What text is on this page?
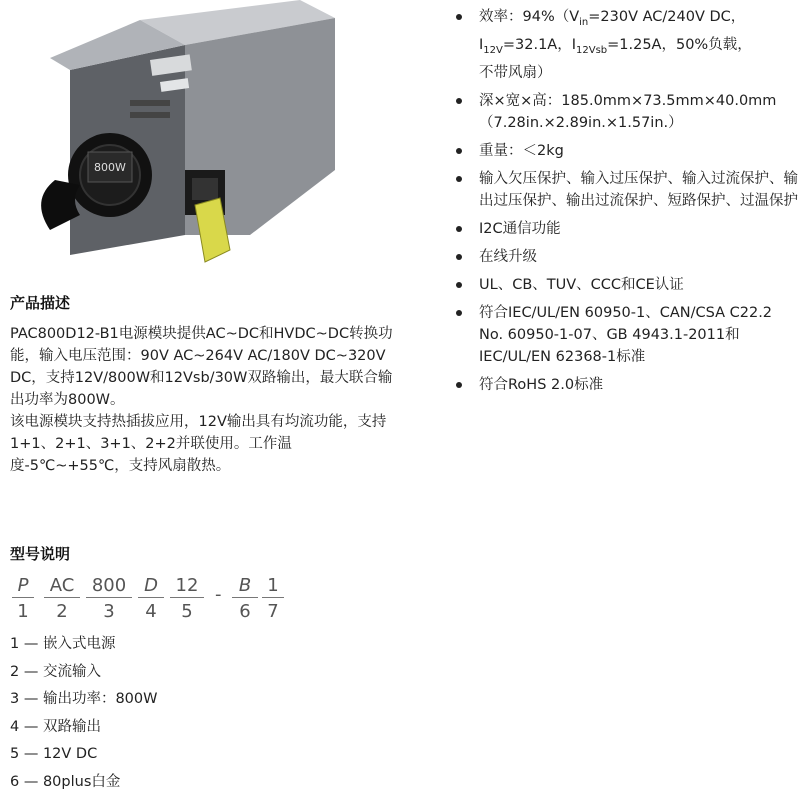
800W
产品描述

PAC800D12-B1电源模块提供AC~DC和HVDC~DC转换功能，输入电压范围：90V AC~264V AC/180V DC~320V DC，支持12V/800W和12Vsb/30W双路输出，最大联合输出功率为800W。

该电源模块支持热插拔应用，12V输出具有均流功能，支持1+1、2+1、3+1、2+2并联使用。工作温度-5℃~+55℃，支持风扇散热。

型号说明
P
1
AC
2
800
3
D
4
12
5
- B
6
1
7
1 — 嵌入式电源
2 — 交流输入
3 — 输出功率：800W
4 — 双路输出
5 — 12V DC
6 — 80plus白金
效率：$94\%(V_{in}=230V$ AC/240V DC，
$I_{12V}=32.1A$，$I_{12Vsb}=1.25A$，50%负载，
不带风扇）
深×宽×高：185.0mm×73.5mm×40.0mm（7.28in.×2.89in.×1.57in.）
重量：＜2kg
输入欠压保护、输入过压保护、输入过流保护、输出过压保护、输出过流保护、短路保护、过温保护
I2C通信功能
在线升级
UL、CB、TUV、CCC和CE认证
符合IEC/UL/EN 60950-1、CAN/CSA C22.2 No. 60950-1-07、GB 4943.1-2011和IEC/UL/EN 62368-1标准
符合RoHS 2.0标准
